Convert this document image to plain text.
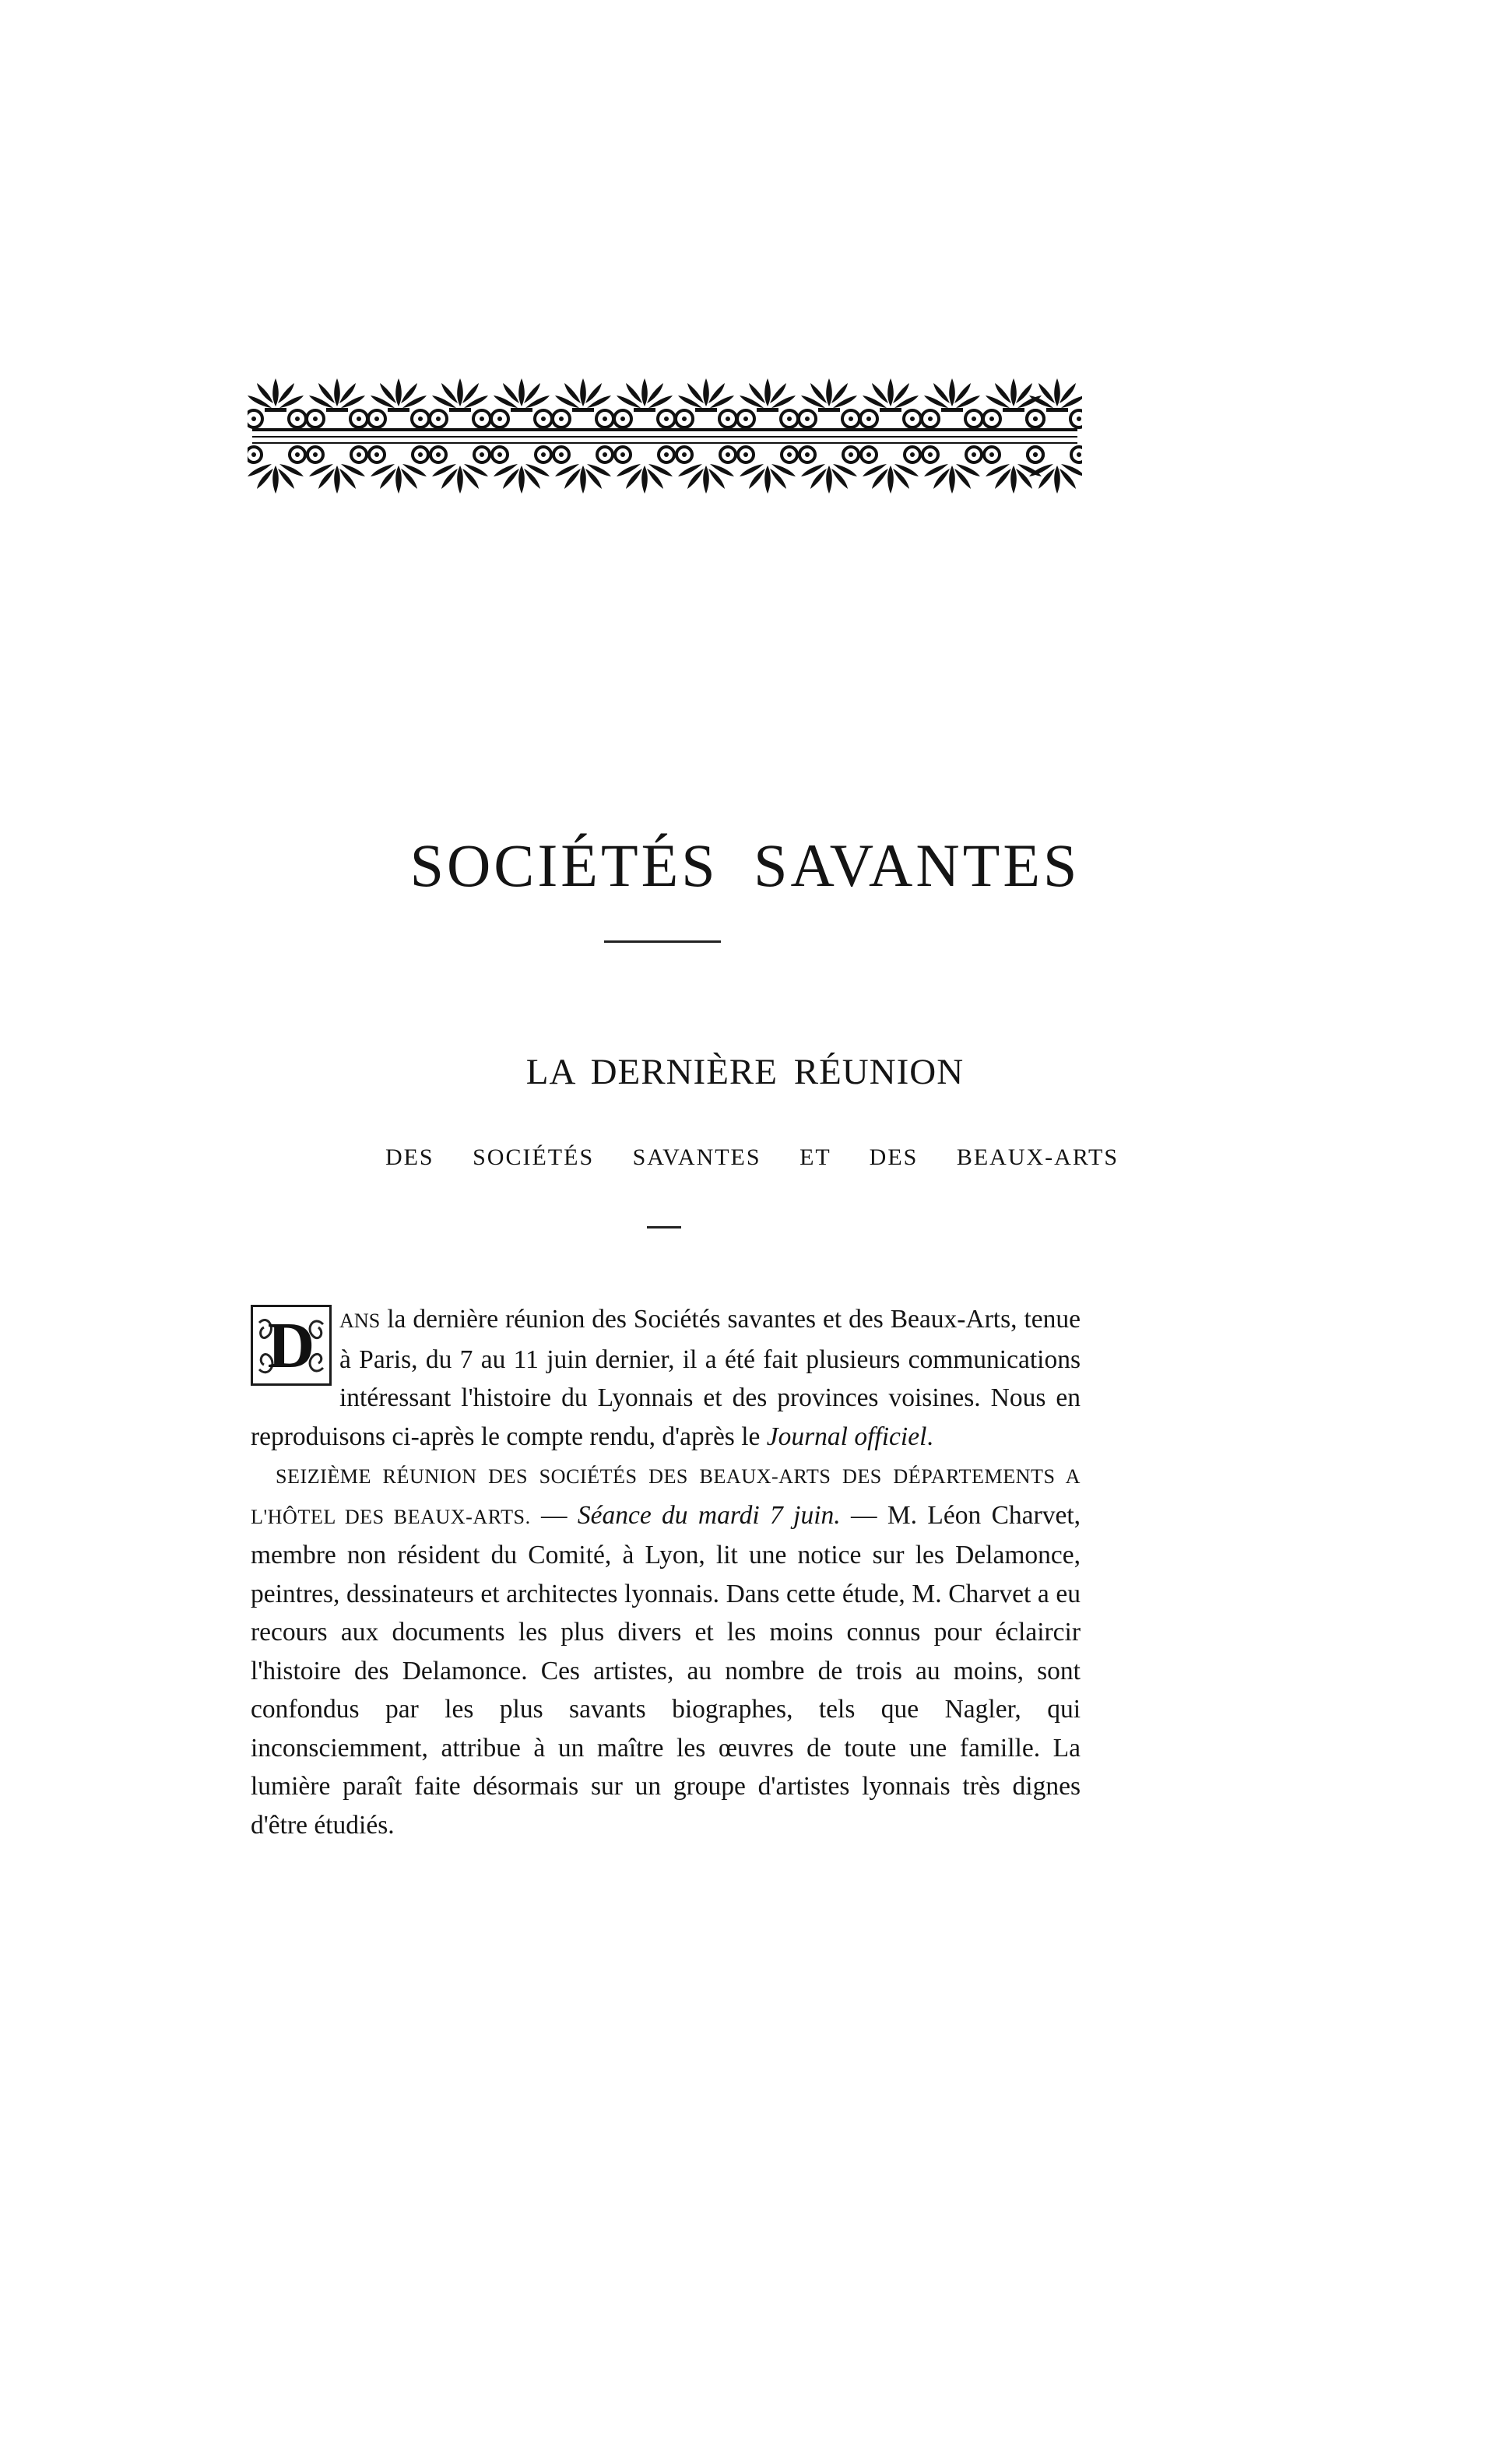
SOCIÉTÉS SAVANTES
LA DERNIÈRE RÉUNION
DES SOCIÉTÉS SAVANTES ET DES BEAUX-ARTS

D	ANS la dernière réunion des Sociétés savantes et des Beaux-Arts, tenue à Paris, du 7 au 11 juin dernier, il a été fait plusieurs communications intéressant l'histoire du Lyonnais et des provinces voisines. Nous en reproduisons ci-après le compte rendu, d'après le Journal officiel.

SEIZIÈME RÉUNION DES SOCIÉTÉS DES BEAUX-ARTS DES DÉPARTEMENTS A L'HÔTEL DES BEAUX-ARTS. — Séance du mardi 7 juin. — M. Léon Charvet, membre non résident du Comité, à Lyon, lit une notice sur les Delamonce, peintres, dessinateurs et architectes lyonnais. Dans cette étude, M. Charvet a eu recours aux documents les plus divers et les moins connus pour éclaircir l'histoire des Delamonce. Ces artistes, au nombre de trois au moins, sont confondus par les plus savants biographes, tels que Nagler, qui inconsciemment, attribue à un maître les œuvres de toute une famille. La lumière paraît faite désormais sur un groupe d'artistes lyonnais très dignes d'être étudiés.
